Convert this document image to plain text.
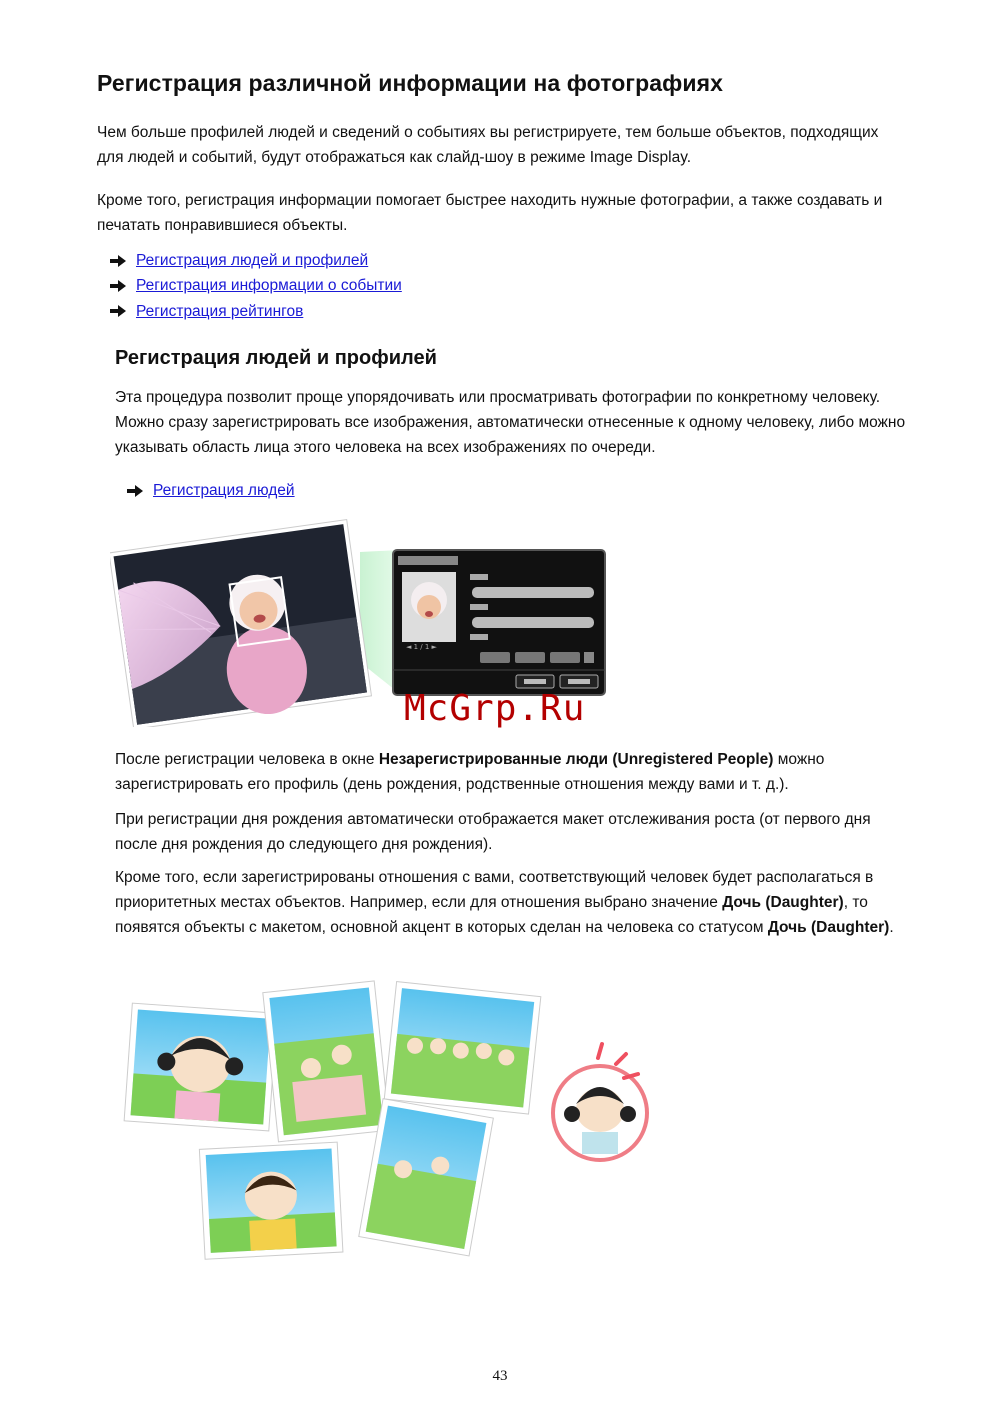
Регистрация различной информации на фотографиях

Чем больше профилей людей и сведений о событиях вы регистрируете, тем больше объектов, подходящих для людей и событий, будут отображаться как слайд-шоу в режиме Image Display.

Кроме того, регистрация информации помогает быстрее находить нужные фотографии, а также создавать и печатать понравившиеся объекты.

Регистрация людей и профилей
Регистрация информации о событии
Регистрация рейтингов
Регистрация людей и профилей

Эта процедура позволит проще упорядочивать или просматривать фотографии по конкретному человеку. Можно сразу зарегистрировать все изображения, автоматически отнесенные к одному человеку, либо можно указывать область лица этого человека на всех изображениях по очереди.

Регистрация людей
◄ 1 / 1 ►
McGrp.Ru

После регистрации человека в окне Незарегистрированные люди (Unregistered People) можно зарегистрировать его профиль (день рождения, родственные отношения между вами и т. д.).

При регистрации дня рождения автоматически отображается макет отслеживания роста (от первого дня после дня рождения до следующего дня рождения).

Кроме того, если зарегистрированы отношения с вами, соответствующий человек будет располагаться в приоритетных местах объектов. Например, если для отношения выбрано значение Дочь (Daughter), то появятся объекты с макетом, основной акцент в которых сделан на человека со статусом Дочь (Daughter).

43
